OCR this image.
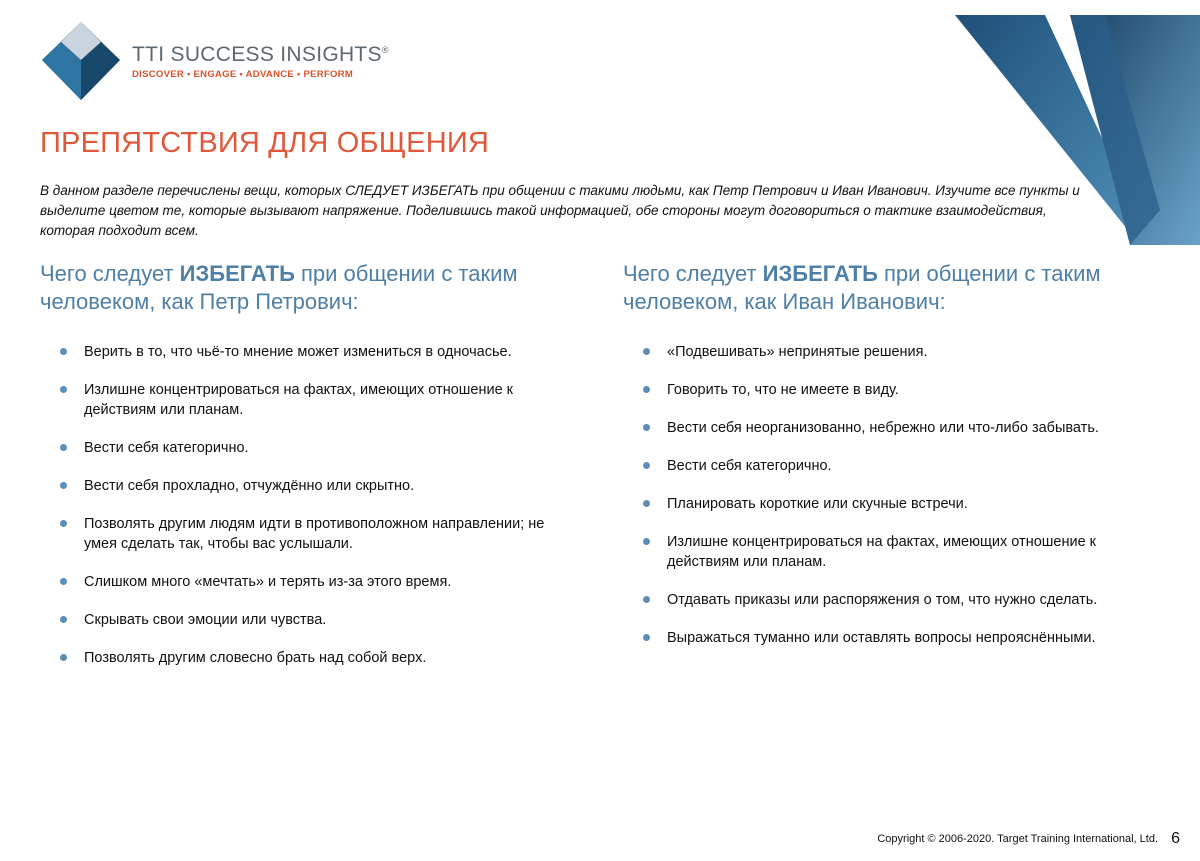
TTI SUCCESS INSIGHTS®
DISCOVER • ENGAGE • ADVANCE • PERFORM
ПРЕПЯТСТВИЯ ДЛЯ ОБЩЕНИЯ
В данном разделе перечислены вещи, которых СЛЕДУЕТ ИЗБЕГАТЬ при общении с такими людьми, как Петр Петрович и Иван Иванович. Изучите все пункты и выделите цветом те, которые вызывают напряжение. Поделившись такой информацией, обе стороны могут договориться о тактике взаимодействия, которая подходит всем.
Чего следует ИЗБЕГАТЬ при общении с таким человеком, как Петр Петрович:
Верить в то, что чьё-то мнение может измениться в одночасье.
Излишне концентрироваться на фактах, имеющих отношение к действиям или планам.
Вести себя категорично.
Вести себя прохладно, отчуждённо или скрытно.
Позволять другим людям идти в противоположном направлении; не умея сделать так, чтобы вас услышали.
Слишком много «мечтать» и терять из-за этого время.
Скрывать свои эмоции или чувства.
Позволять другим словесно брать над собой верх.
Чего следует ИЗБЕГАТЬ при общении с таким человеком, как Иван Иванович:
«Подвешивать» непринятые решения.
Говорить то, что не имеете в виду.
Вести себя неорганизованно, небрежно или что-либо забывать.
Вести себя категорично.
Планировать короткие или скучные встречи.
Излишне концентрироваться на фактах, имеющих отношение к действиям или планам.
Отдавать приказы или распоряжения о том, что нужно сделать.
Выражаться туманно или оставлять вопросы непрояснёнными.
Copyright © 2006-2020. Target Training International, Ltd. 6
